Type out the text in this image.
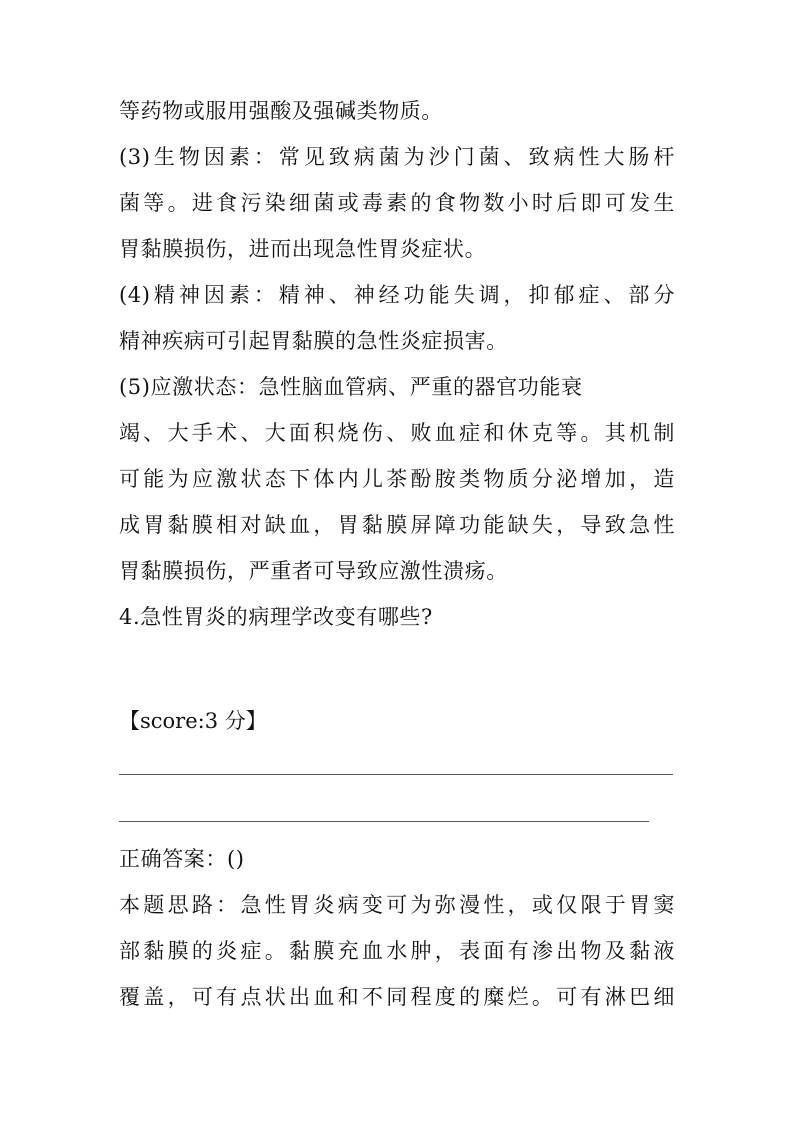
等药物或服用强酸及强碱类物质。
(3)生物因素：常见致病菌为沙门菌、致病性大肠杆
菌等。进食污染细菌或毒素的食物数小时后即可发生
胃黏膜损伤，进而出现急性胃炎症状。
(4)精神因素：精神、神经功能失调，抑郁症、部分
精神疾病可引起胃黏膜的急性炎症损害。
(5)应激状态：急性脑血管病、严重的器官功能衰
竭、大手术、大面积烧伤、败血症和休克等。其机制
可能为应激状态下体内儿茶酚胺类物质分泌增加，造
成胃黏膜相对缺血，胃黏膜屏障功能缺失，导致急性
胃黏膜损伤，严重者可导致应激性溃疡。
4.急性胃炎的病理学改变有哪些?
【score:3 分】
正确答案：()
本题思路：急性胃炎病变可为弥漫性，或仅限于胃窦
部黏膜的炎症。黏膜充血水肿，表面有渗出物及黏液
覆盖，可有点状出血和不同程度的糜烂。可有淋巴细
